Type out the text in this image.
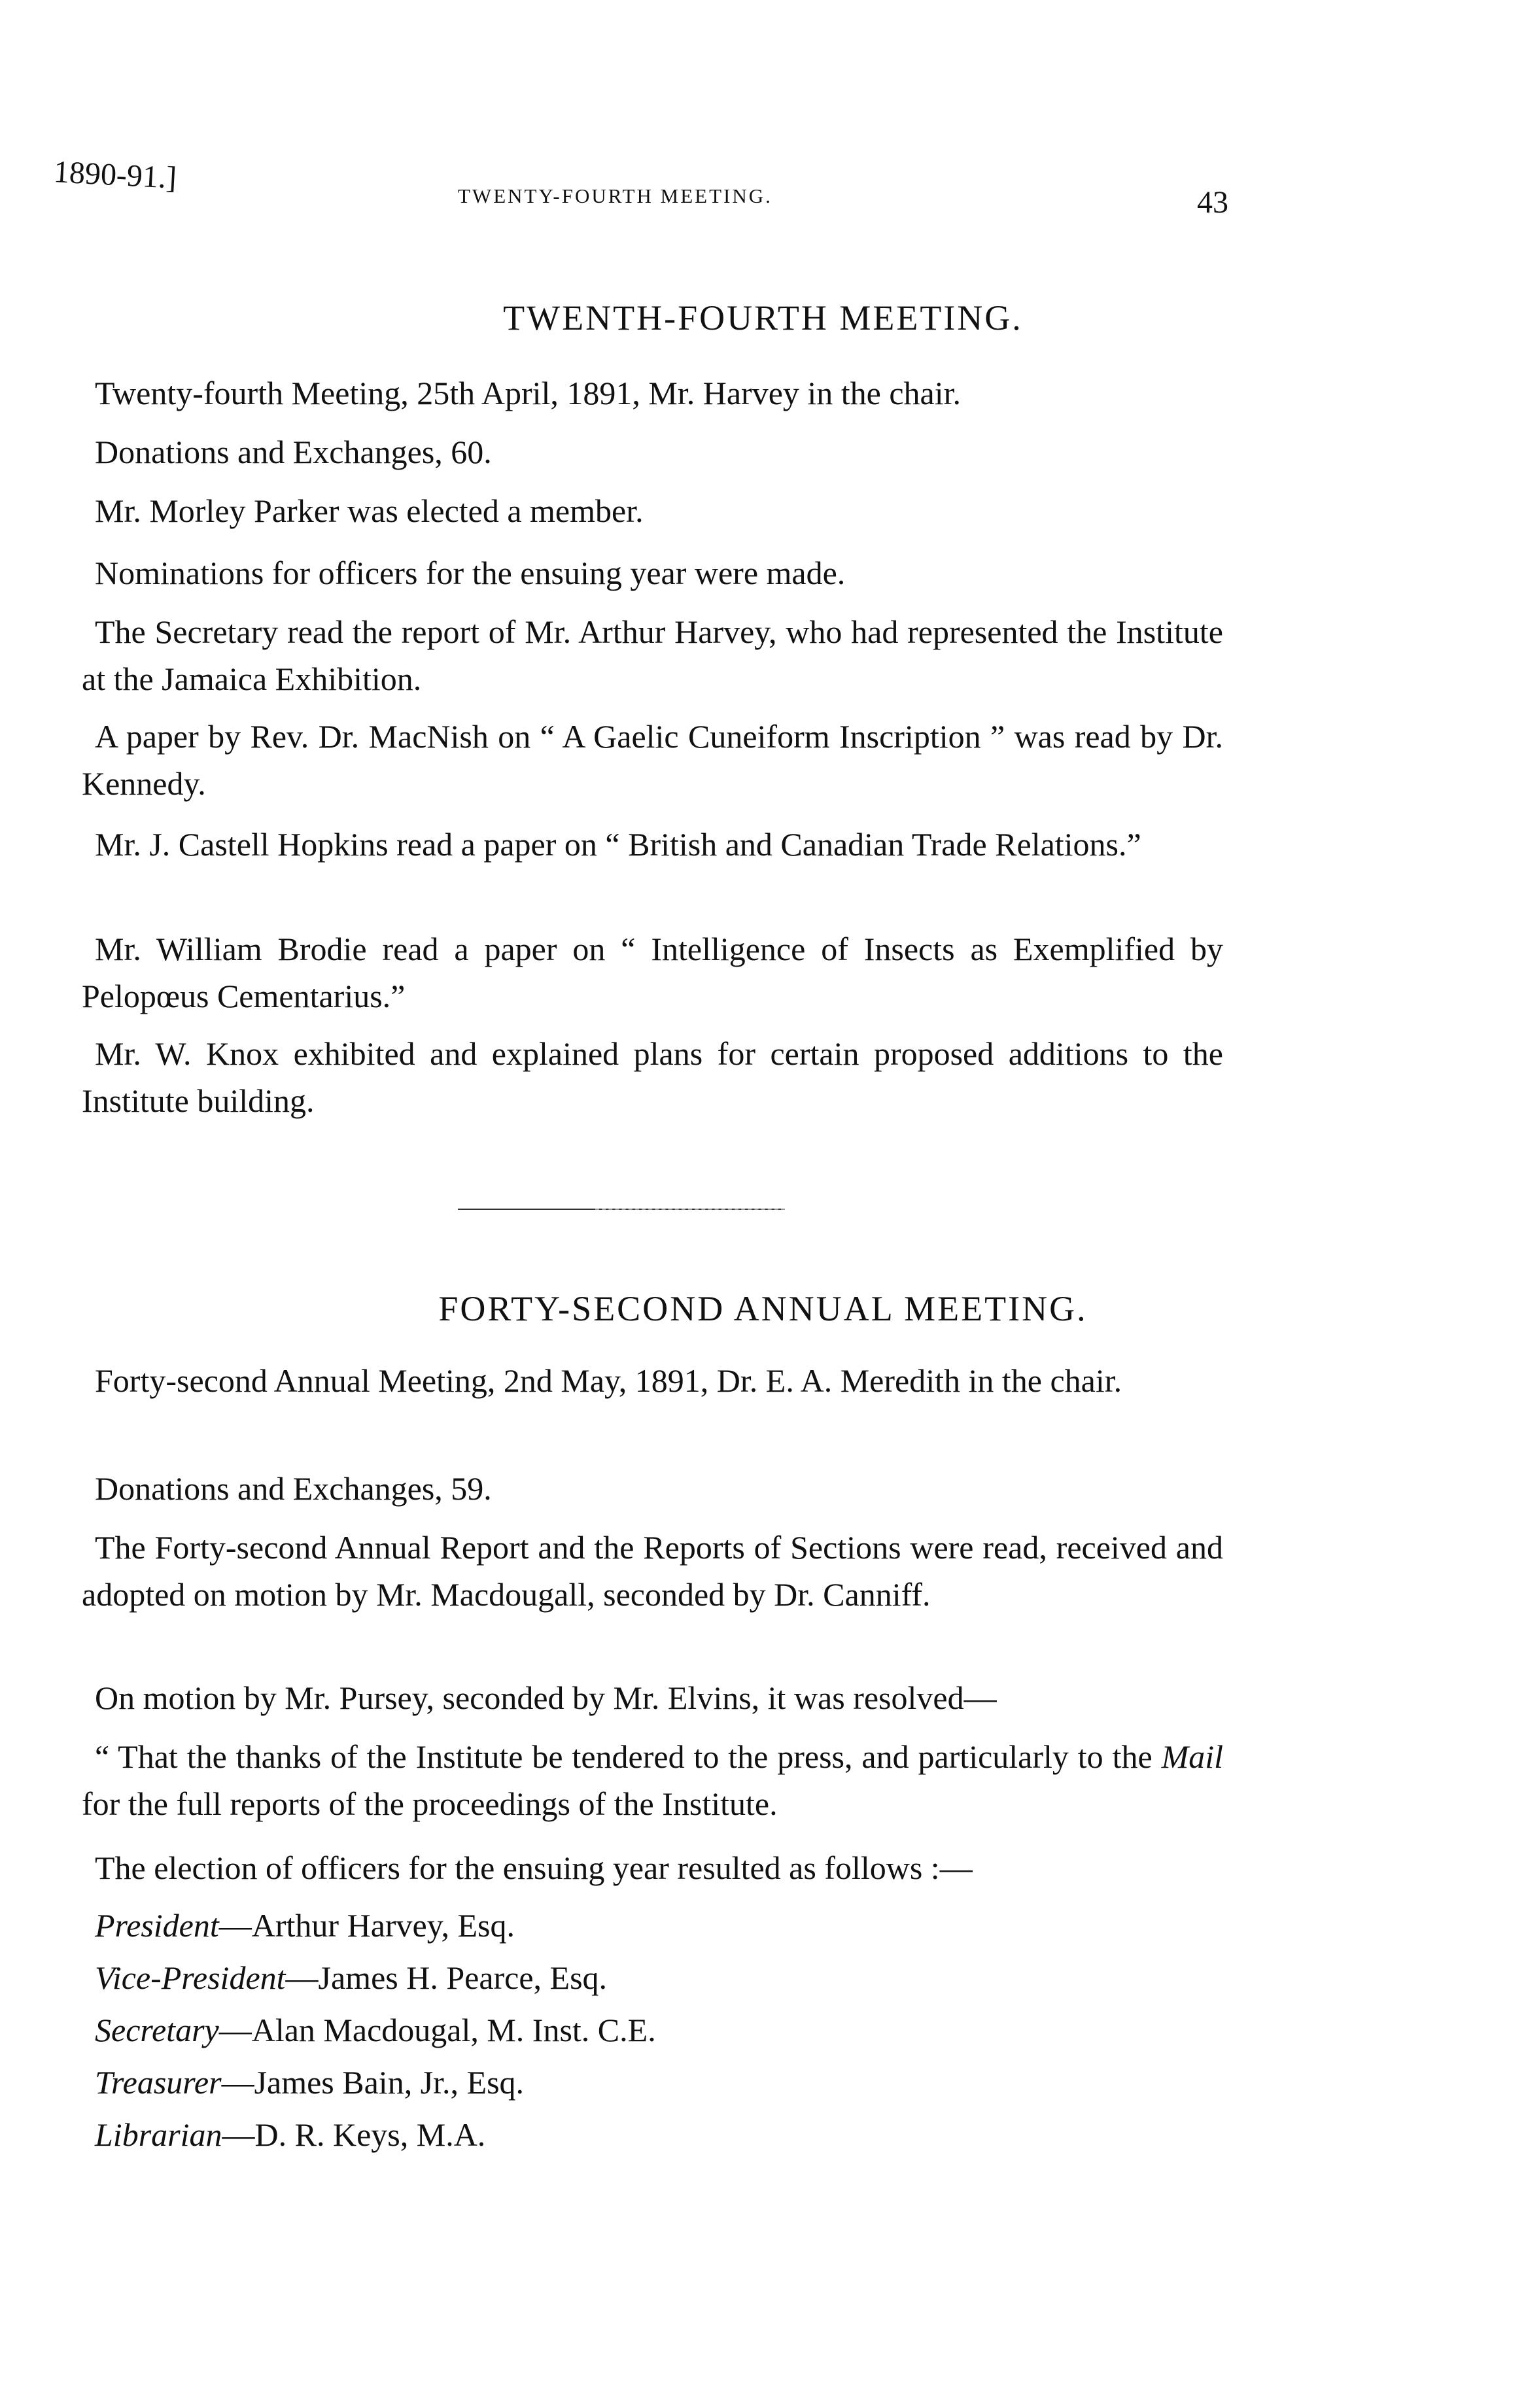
1890-91.]
TWENTY-FOURTH MEETING.	43
TWENTH-FOURTH MEETING.

Twenty-fourth Meeting, 25th April, 1891, Mr. Harvey in the chair.

Donations and Exchanges, 60.

Mr. Morley Parker was elected a member.

Nominations for officers for the ensuing year were made.

The Secretary read the report of Mr. Arthur Harvey, who had represented the Institute at the Jamaica Exhibition.

A paper by Rev. Dr. MacNish on “ A Gaelic Cuneiform Inscription ” was read by Dr. Kennedy.

Mr. J. Castell Hopkins read a paper on “ British and Canadian Trade Relations.”

Mr. William Brodie read a paper on “ Intelligence of Insects as Exemplified by Pelopœus Cementarius.”

Mr. W. Knox exhibited and explained plans for certain proposed additions to the Institute building.

FORTY-SECOND ANNUAL MEETING.

Forty-second Annual Meeting, 2nd May, 1891, Dr. E. A. Meredith in the chair.

Donations and Exchanges, 59.

The Forty-second Annual Report and the Reports of Sections were read, received and adopted on motion by Mr. Macdougall, seconded by Dr. Canniff.

On motion by Mr. Pursey, seconded by Mr. Elvins, it was resolved—

“ That the thanks of the Institute be tendered to the press, and particularly to the Mail for the full reports of the proceedings of the Institute.

The election of officers for the ensuing year resulted as follows :—

President—Arthur Harvey, Esq.

Vice-President—James H. Pearce, Esq.

Secretary—Alan Macdougal, M. Inst. C.E.

Treasurer—James Bain, Jr., Esq.

Librarian—D. R. Keys, M.A.
